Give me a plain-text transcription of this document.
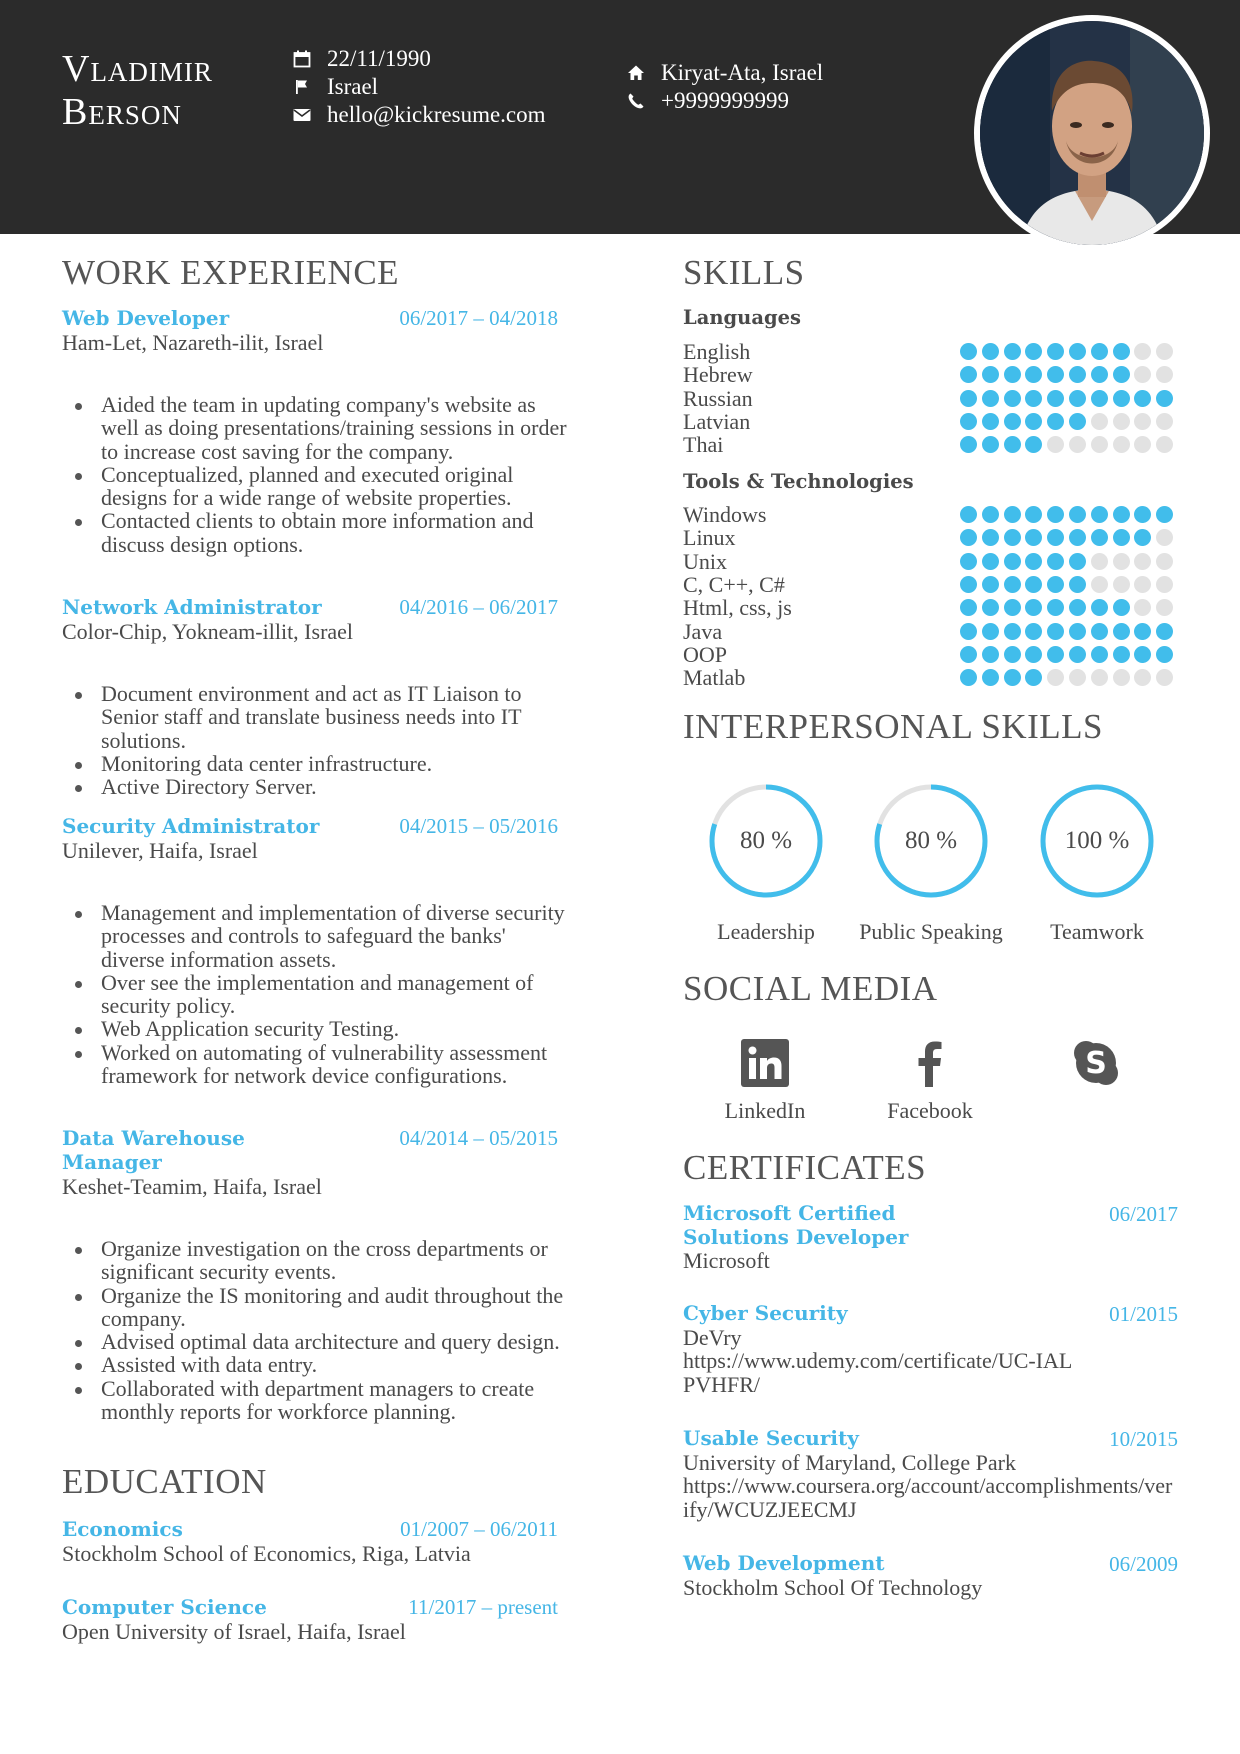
Vladimir
Berson
22/11/1990
Israel
hello@kickresume.com
Kiryat-Ata, Israel
+9999999999
WORK EXPERIENCE
Web Developer	06/2017 – 04/2018
Ham-Let, Nazareth-ilit, Israel
Aided the team in updating company's website as well as doing presentations/training sessions in order to increase cost saving for the company.
Conceptualized, planned and executed original designs for a wide range of website properties.
Contacted clients to obtain more information and discuss design options.
Network Administrator	04/2016 – 06/2017
Color-Chip, Yokneam-illit, Israel
Document environment and act as IT Liaison to Senior staff and translate business needs into IT solutions.
Monitoring data center infrastructure.
Active Directory Server.
Security Administrator	04/2015 – 05/2016
Unilever, Haifa, Israel
Management and implementation of diverse security processes and controls to safeguard the banks' diverse information assets.
Over see the implementation and management of security policy.
Web Application security Testing.
Worked on automating of vulnerability assessment framework for network device configurations.
Data Warehouse Manager
04/2014 – 05/2015
Keshet-Teamim, Haifa, Israel
Organize investigation on the cross departments or significant security events.
Organize the IS monitoring and audit throughout the company.
Advised optimal data architecture and query design.
Assisted with data entry.
Collaborated with department managers to create monthly reports for workforce planning.
EDUCATION
Economics	01/2007 – 06/2011
Stockholm School of Economics, Riga, Latvia
Computer Science	11/2017 – present
Open University of Israel, Haifa, Israel
SKILLS
Languages
English
Hebrew
Russian
Latvian
Thai
Tools & Technologies
Windows
Linux
Unix
C, C++, C#
Html, css, js
Java
OOP
Matlab
INTERPERSONAL SKILLS
80 %
Leadership
80 %
Public Speaking
100 %
Teamwork
SOCIAL MEDIA
LinkedIn	Facebook
S
CERTIFICATES
Microsoft Certified Solutions Developer
06/2017
Microsoft
Cyber Security	01/2015
DeVry
https://www.udemy.com/certificate/UC-IALPVHFR/
Usable Security	10/2015
University of Maryland, College Park
https://www.coursera.org/account/accomplishments/verify/WCUZJEECMJ
Web Development	06/2009
Stockholm School Of Technology
